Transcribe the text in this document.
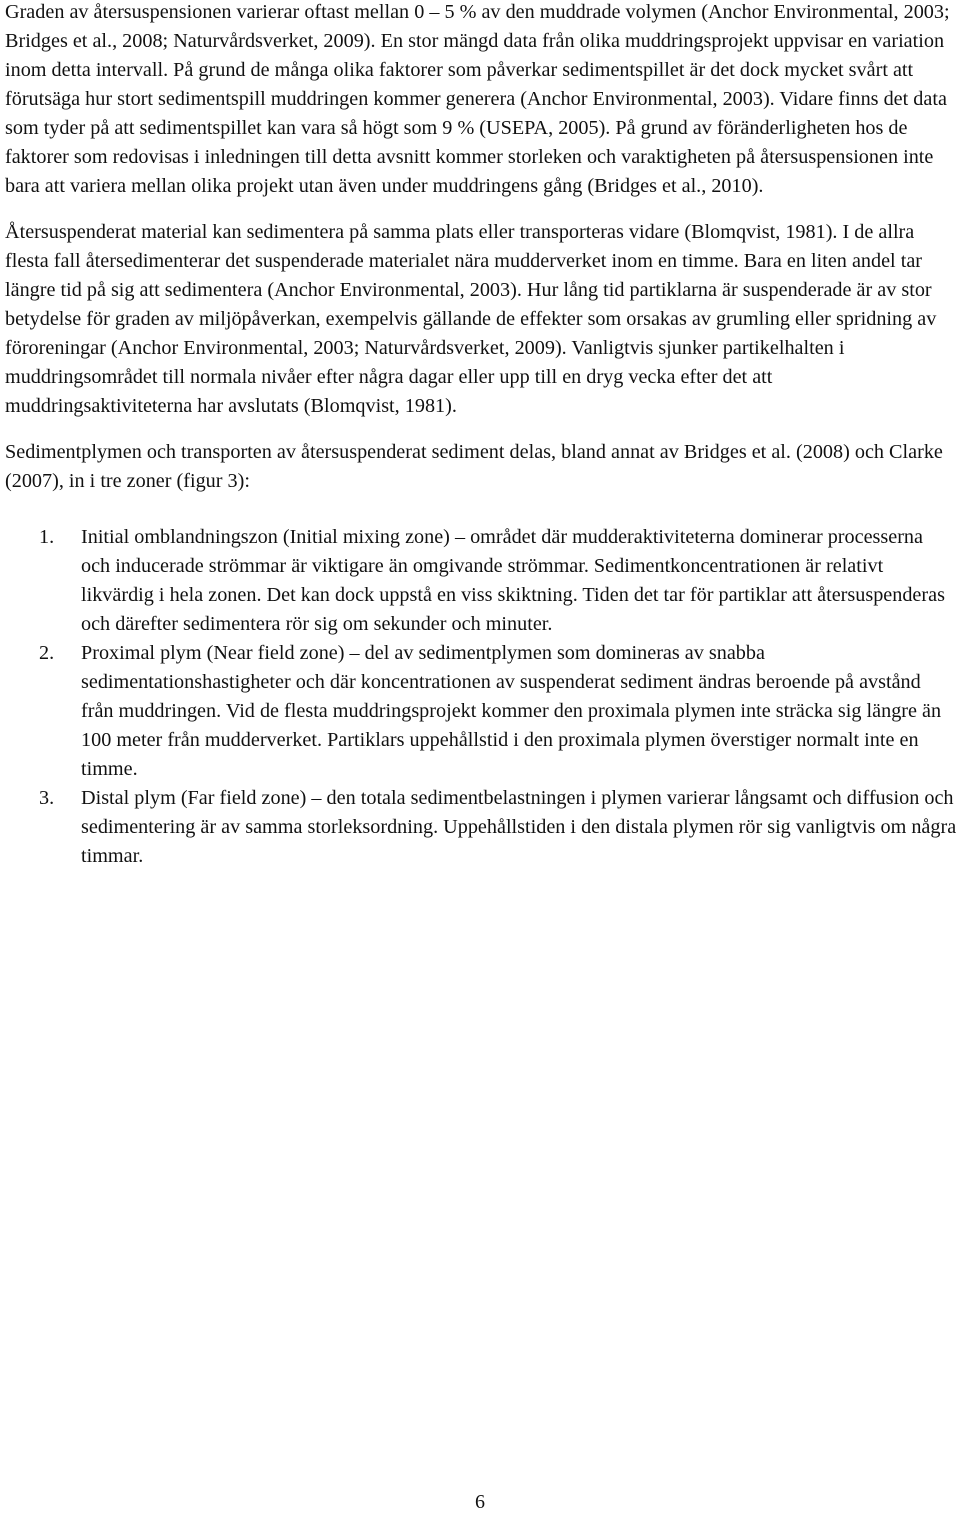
Graden av återsuspensionen varierar oftast mellan 0 – 5 % av den muddrade volymen (Anchor Environmental, 2003; Bridges et al., 2008; Naturvårdsverket, 2009). En stor mängd data från olika muddringsprojekt uppvisar en variation inom detta intervall. På grund de många olika faktorer som påverkar sedimentspillet är det dock mycket svårt att förutsäga hur stort sedimentspill muddringen kommer generera (Anchor Environmental, 2003). Vidare finns det data som tyder på att sedimentspillet kan vara så högt som 9 % (USEPA, 2005). På grund av föränderligheten hos de faktorer som redovisas i inledningen till detta avsnitt kommer storleken och varaktigheten på återsuspensionen inte bara att variera mellan olika projekt utan även under muddringens gång (Bridges et al., 2010).

Återsuspenderat material kan sedimentera på samma plats eller transporteras vidare (Blomqvist, 1981). I de allra flesta fall återsedimenterar det suspenderade materialet nära mudderverket inom en timme. Bara en liten andel tar längre tid på sig att sedimentera (Anchor Environmental, 2003). Hur lång tid partiklarna är suspenderade är av stor betydelse för graden av miljöpåverkan, exempelvis gällande de effekter som orsakas av grumling eller spridning av föroreningar (Anchor Environmental, 2003; Naturvårdsverket, 2009). Vanligtvis sjunker partikelhalten i muddringsområdet till normala nivåer efter några dagar eller upp till en dryg vecka efter det att muddringsaktiviteterna har avslutats (Blomqvist, 1981).

Sedimentplymen och transporten av återsuspenderat sediment delas, bland annat av Bridges et al. (2008) och Clarke (2007), in i tre zoner (figur 3):

1. Initial omblandningszon (Initial mixing zone) – området där mudderaktiviteterna dominerar processerna och inducerade strömmar är viktigare än omgivande strömmar. Sedimentkoncentrationen är relativt likvärdig i hela zonen. Det kan dock uppstå en viss skiktning. Tiden det tar för partiklar att återsuspenderas och därefter sedimentera rör sig om sekunder och minuter.
2. Proximal plym (Near field zone) – del av sedimentplymen som domineras av snabba sedimentationshastigheter och där koncentrationen av suspenderat sediment ändras beroende på avstånd från muddringen. Vid de flesta muddringsprojekt kommer den proximala plymen inte sträcka sig längre än 100 meter från mudderverket. Partiklars uppehållstid i den proximala plymen överstiger normalt inte en timme.
3. Distal plym (Far field zone) – den totala sedimentbelastningen i plymen varierar långsamt och diffusion och sedimentering är av samma storleksordning. Uppehållstiden i den distala plymen rör sig vanligtvis om några timmar.
6
